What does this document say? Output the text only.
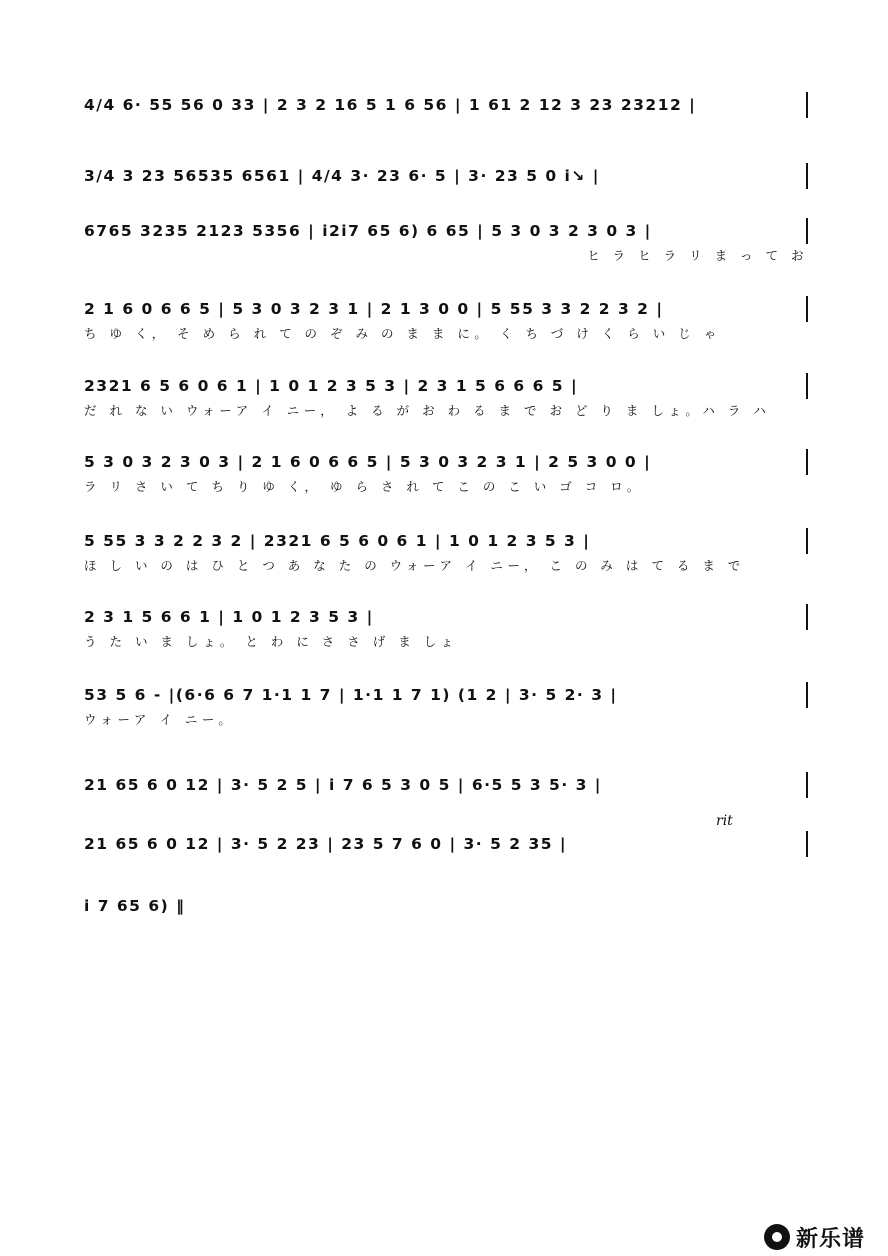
4/4 6· 55 56 0 33 | 2 3 2 16 5 1 6 56 | 1 61 2 12 3 23 23212 |
3/4 3 23 56535 6561 | 4/4 3· 23 6· 5 | 3· 23 5 0 i↘ |
6765 3235 2123 5356 | i2i7 65 6) 6 65 | 5 3 0 3 2 3 0 3 |
ヒ ラ ヒ ラ リ ま っ て お
2 1 6 0 6 6 5 | 5 3 0 3 2 3 1 | 2 1 3 0 0 | 5 55 3 3 2 2 3 2 |
ち ゆ く， そ め ら れ て の ぞ み の ま ま に。 く ち づ け く ら い じ ゃ
2321 6 5 6 0 6 1 | 1 0 1 2 3 5 3 | 2 3 1 5 6 6 6 5 |
だ れ な い ウォーア イ ニー， よ る が お わ る ま で お ど り ま しょ。ハ ラ ハ
5 3 0 3 2 3 0 3 | 2 1 6 0 6 6 5 | 5 3 0 3 2 3 1 | 2 5 3 0 0 |
ラ リ さ い て ち り ゆ く， ゆ ら さ れ て こ の こ い ゴ コ ロ。
5 55 3 3 2 2 3 2 | 2321 6 5 6 0 6 1 | 1 0 1 2 3 5 3 |
ほ し い の は ひ と つ あ な た の ウォーア イ ニー， こ の み は て る ま で
2 3 1 5 6 6 1 | 1 0 1 2 3 5 3 |
う た い ま しょ。 と わ に さ さ げ ま しょ
53 5 6 - |(6·6 6 7 1·1 1 7 | 1·1 1 7 1) (1 2 | 3· 5 2· 3 |
ウォーア イ ニー。
21 65 6 0 12 | 3· 5 2 5 | i 7 6 5 3 0 5 | 6·5 5 3 5· 3 |
rit
21 65 6 0 12 | 3· 5 2 23 | 23 5 7 6 0 | 3· 5 2 35 |
i 7 65 6) ‖
新乐谱
